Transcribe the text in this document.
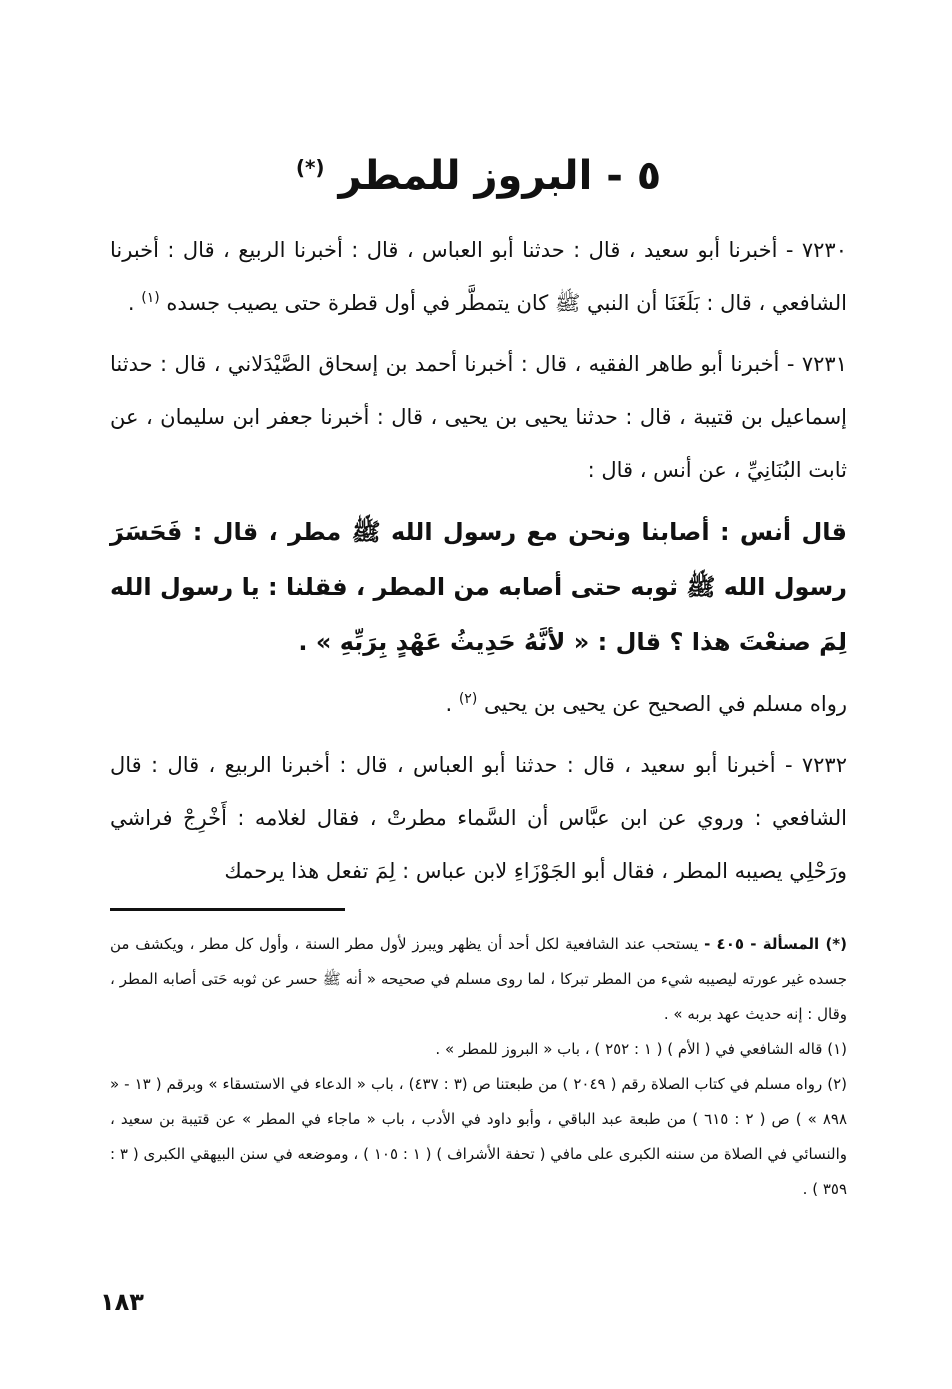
٥ - البروز للمطر (*)

٧٢٣٠ - أخبرنا أبو سعيد ، قال : حدثنا أبو العباس ، قال : أخبرنا الربيع ، قال : أخبرنا الشافعي ، قال : بَلَغَنَا أن النبي ﷺ كان يتمطَّر في أول قطرة حتى يصيب جسده $^{(١)}$ .

٧٢٣١ - أخبرنا أبو طاهر الفقيه ، قال : أخبرنا أحمد بن إسحاق الصَّيْدَلاني ، قال : حدثنا إسماعيل بن قتيبة ، قال : حدثنا يحيى بن يحيى ، قال : أخبرنا جعفر ابن سليمان ، عن ثابت البُنَانِيِّ ، عن أنس ، قال :

قال أنس : أصابنا ونحن مع رسول الله ﷺ مطر ، قال : فَحَسَرَ رسول الله ﷺ ثوبه حتى أصابه من المطر ، فقلنا : يا رسول الله لِمَ صنعْتَ هذا ؟ قال : « لأنَّهُ حَدِيثُ عَهْدٍ بِرَبِّهِ » .

رواه مسلم في الصحيح عن يحيى بن يحيى $^{(٢)}$ .

٧٢٣٢ - أخبرنا أبو سعيد ، قال : حدثنا أبو العباس ، قال : أخبرنا الربيع ، قال : قال الشافعي : وروي عن ابن عبَّاس أن السَّماء مطرتْ ، فقال لغلامه : أَخْرِجْ فراشي ورَحْلِي يصيبه المطر ، فقال أبو الجَوْزَاءِ لابن عباس : لِمَ تفعل هذا يرحمك

(*) المسألة - ٤٠٥ - يستحب عند الشافعية لكل أحد أن يظهر ويبرز لأول مطر السنة ، وأول كل مطر ، ويكشف من جسده غير عورته ليصيبه شيء من المطر تبركا ، لما روى مسلم في صحيحه « أنه ﷺ حسر عن ثوبه حَتى أصابه المطر ، وقال : إنه حديث عهد بربه » .

(١) قاله الشافعي في ( الأم ) ( ١ : ٢٥٢ ) ، باب « البروز للمطر » .

(٢) رواه مسلم في كتاب الصلاة رقم ( ٢٠٤٩ ) من طبعتنا ص (٣ : ٤٣٧) ، باب « الدعاء في الاستسقاء » وبرقم ( ١٣ - « ٨٩٨ » ) ص ( ٢ : ٦١٥ ) من طبعة عبد الباقي ، وأبو داود في الأدب ، باب « ماجاء في المطر » عن قتيبة بن سعيد ، والنسائي في الصلاة من سننه الكبرى على مافي ( تحفة الأشراف ) ( ١ : ١٠٥ ) ، وموضعه في سنن البيهقي الكبرى ( ٣ : ٣٥٩ ) .

١٨٣
